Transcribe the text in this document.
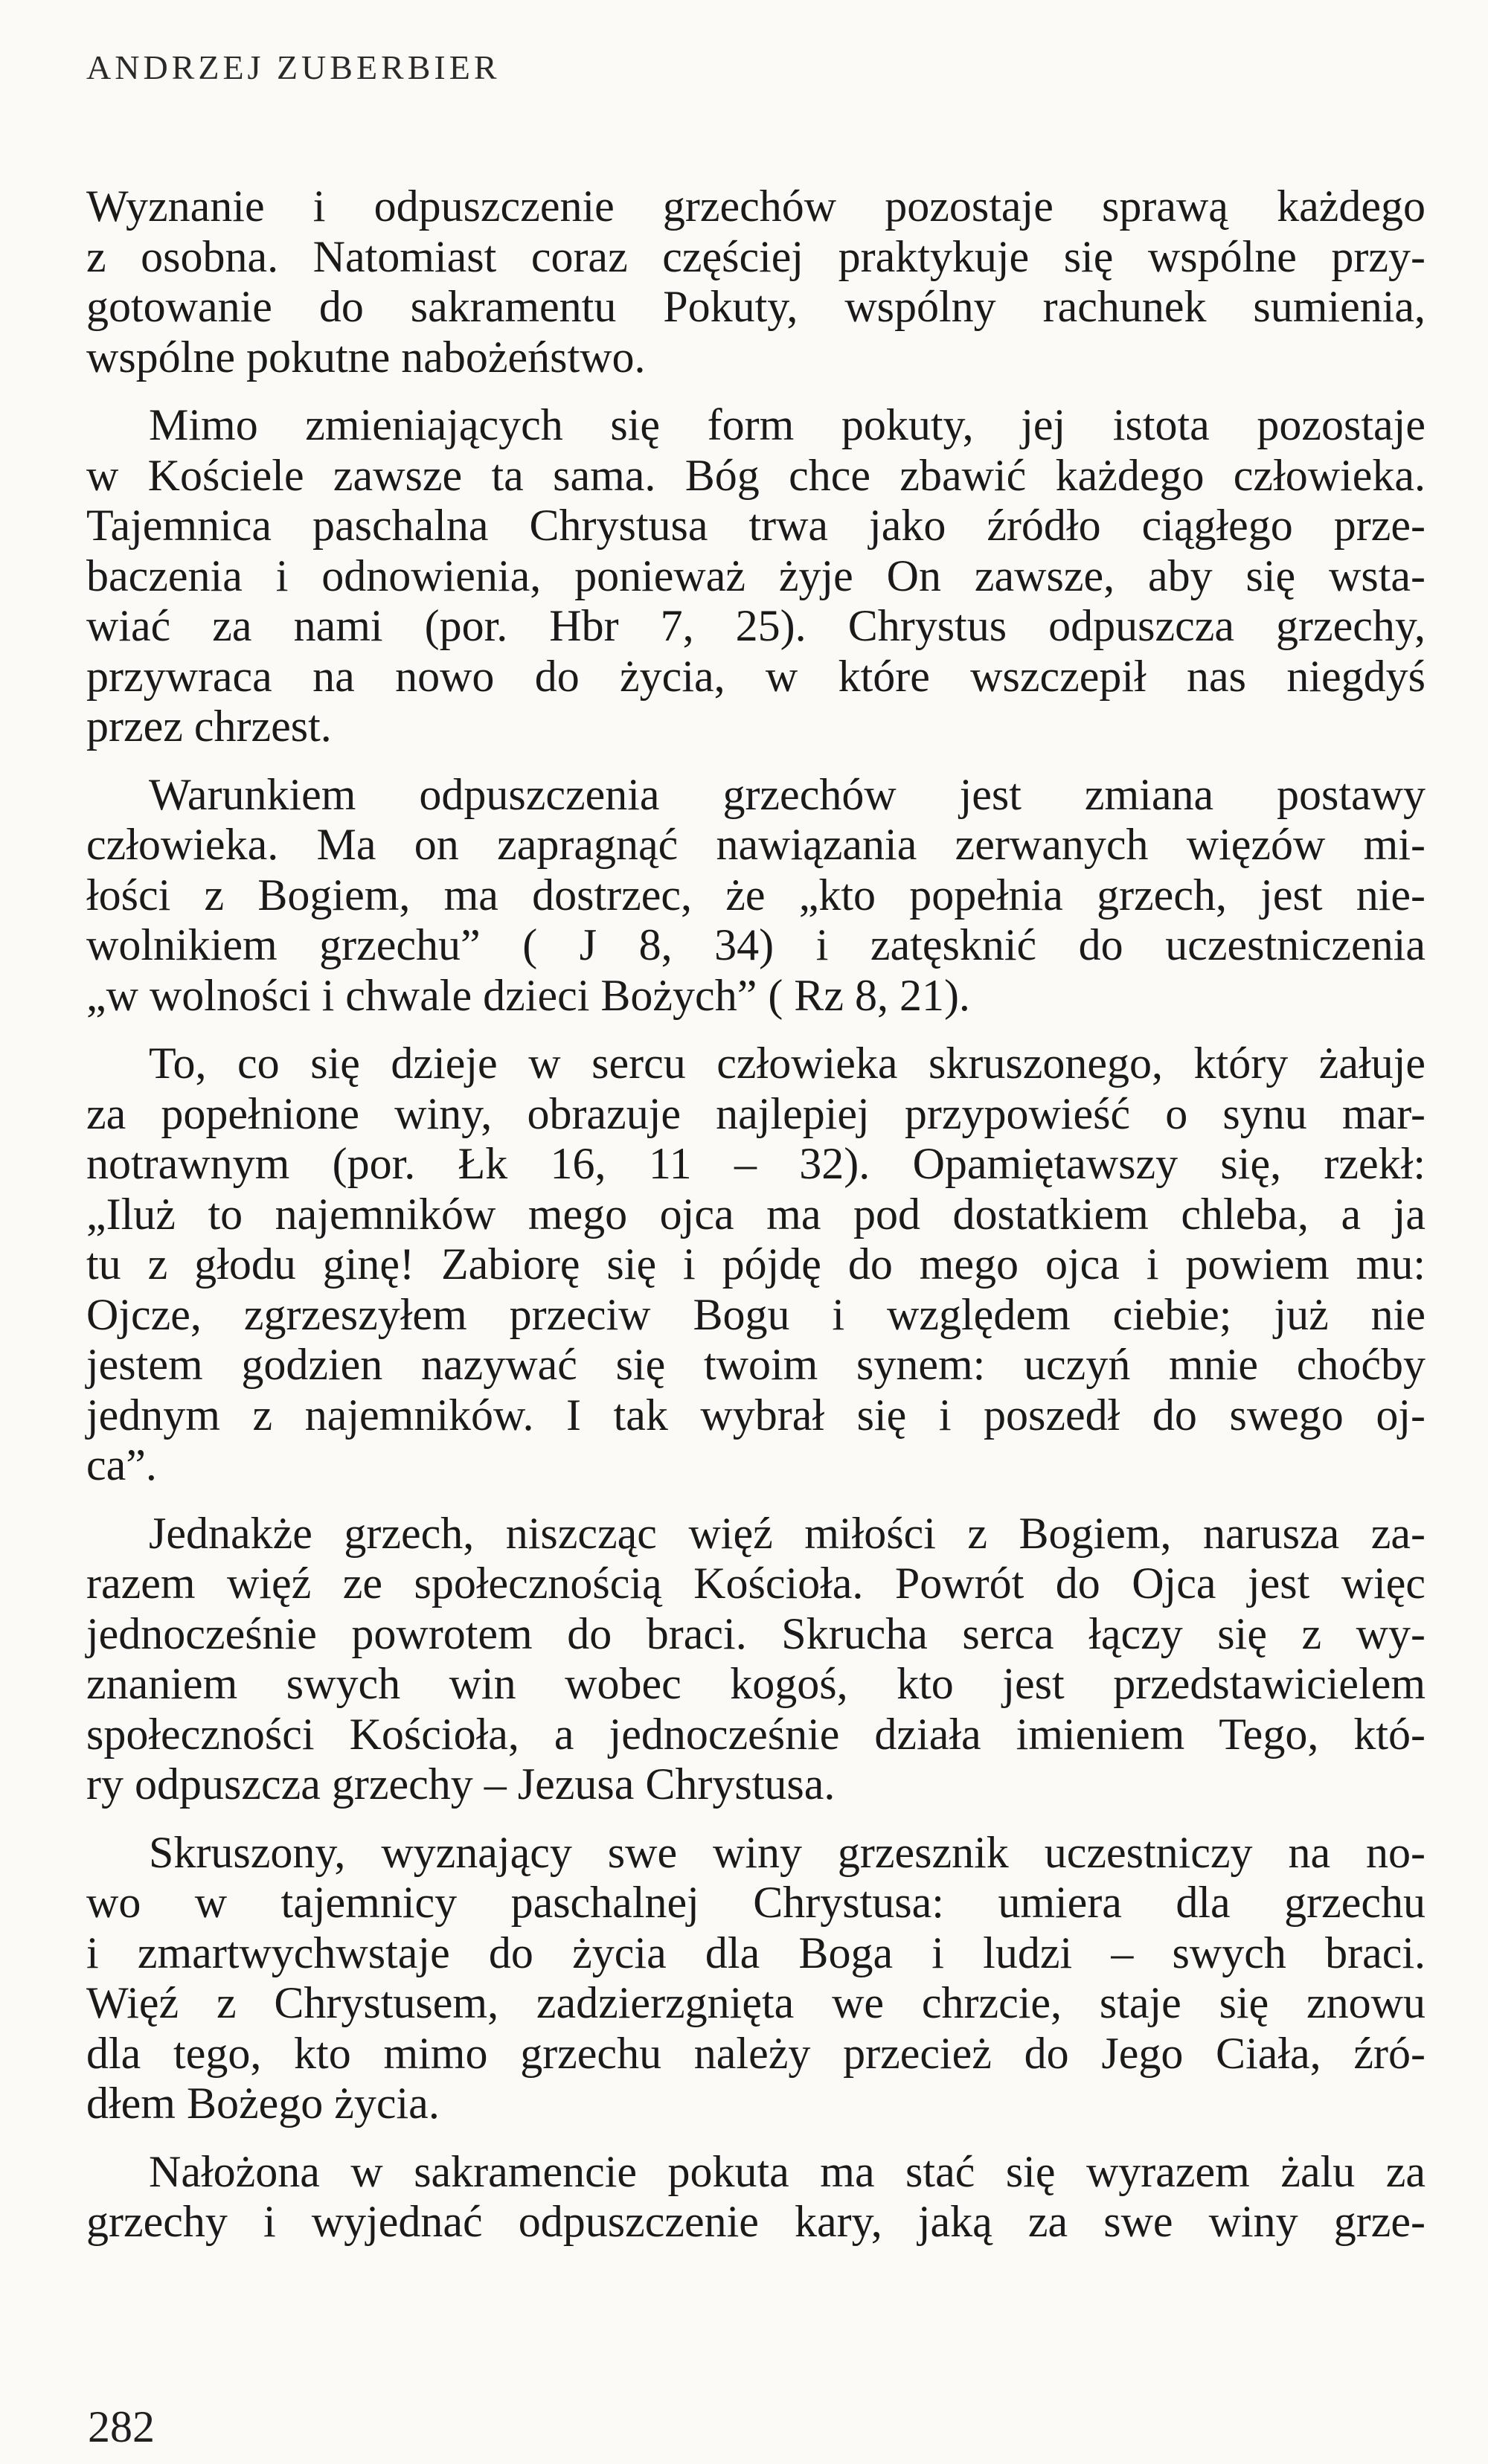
ANDRZEJ ZUBERBIER

Wyznanie i odpuszczenie grzechów pozostaje sprawą każdego
z osobna. Natomiast coraz częściej praktykuje się wspólne przy-
gotowanie do sakramentu Pokuty, wspólny rachunek sumienia,
wspólne pokutne nabożeństwo.

Mimo zmieniających się form pokuty, jej istota pozostaje
w Kościele zawsze ta sama. Bóg chce zbawić każdego człowieka.
Tajemnica paschalna Chrystusa trwa jako źródło ciągłego prze-
baczenia i odnowienia, ponieważ żyje On zawsze, aby się wsta-
wiać za nami (por. Hbr 7, 25). Chrystus odpuszcza grzechy,
przywraca na nowo do życia, w które wszczepił nas niegdyś
przez chrzest.

Warunkiem odpuszczenia grzechów jest zmiana postawy
człowieka. Ma on zapragnąć nawiązania zerwanych więzów mi-
łości z Bogiem, ma dostrzec, że „kto popełnia grzech, jest nie-
wolnikiem grzechu” ( J 8, 34) i zatęsknić do uczestniczenia
„w wolności i chwale dzieci Bożych” ( Rz 8, 21).

To, co się dzieje w sercu człowieka skruszonego, który żałuje
za popełnione winy, obrazuje najlepiej przypowieść o synu mar-
notrawnym (por. Łk 16, 11 – 32). Opamiętawszy się, rzekł:
„Iluż to najemników mego ojca ma pod dostatkiem chleba, a ja
tu z głodu ginę! Zabiorę się i pójdę do mego ojca i powiem mu:
Ojcze, zgrzeszyłem przeciw Bogu i względem ciebie; już nie
jestem godzien nazywać się twoim synem: uczyń mnie choćby
jednym z najemników. I tak wybrał się i poszedł do swego oj-
ca”.

Jednakże grzech, niszcząc więź miłości z Bogiem, narusza za-
razem więź ze społecznością Kościoła. Powrót do Ojca jest więc
jednocześnie powrotem do braci. Skrucha serca łączy się z wy-
znaniem swych win wobec kogoś, kto jest przedstawicielem
społeczności Kościoła, a jednocześnie działa imieniem Tego, któ-
ry odpuszcza grzechy – Jezusa Chrystusa.

Skruszony, wyznający swe winy grzesznik uczestniczy na no-
wo w tajemnicy paschalnej Chrystusa: umiera dla grzechu
i zmartwychwstaje do życia dla Boga i ludzi – swych braci.
Więź z Chrystusem, zadzierzgnięta we chrzcie, staje się znowu
dla tego, kto mimo grzechu należy przecież do Jego Ciała, źró-
dłem Bożego życia.

Nałożona w sakramencie pokuta ma stać się wyrazem żalu za
grzechy i wyjednać odpuszczenie kary, jaką za swe winy grze-

282
